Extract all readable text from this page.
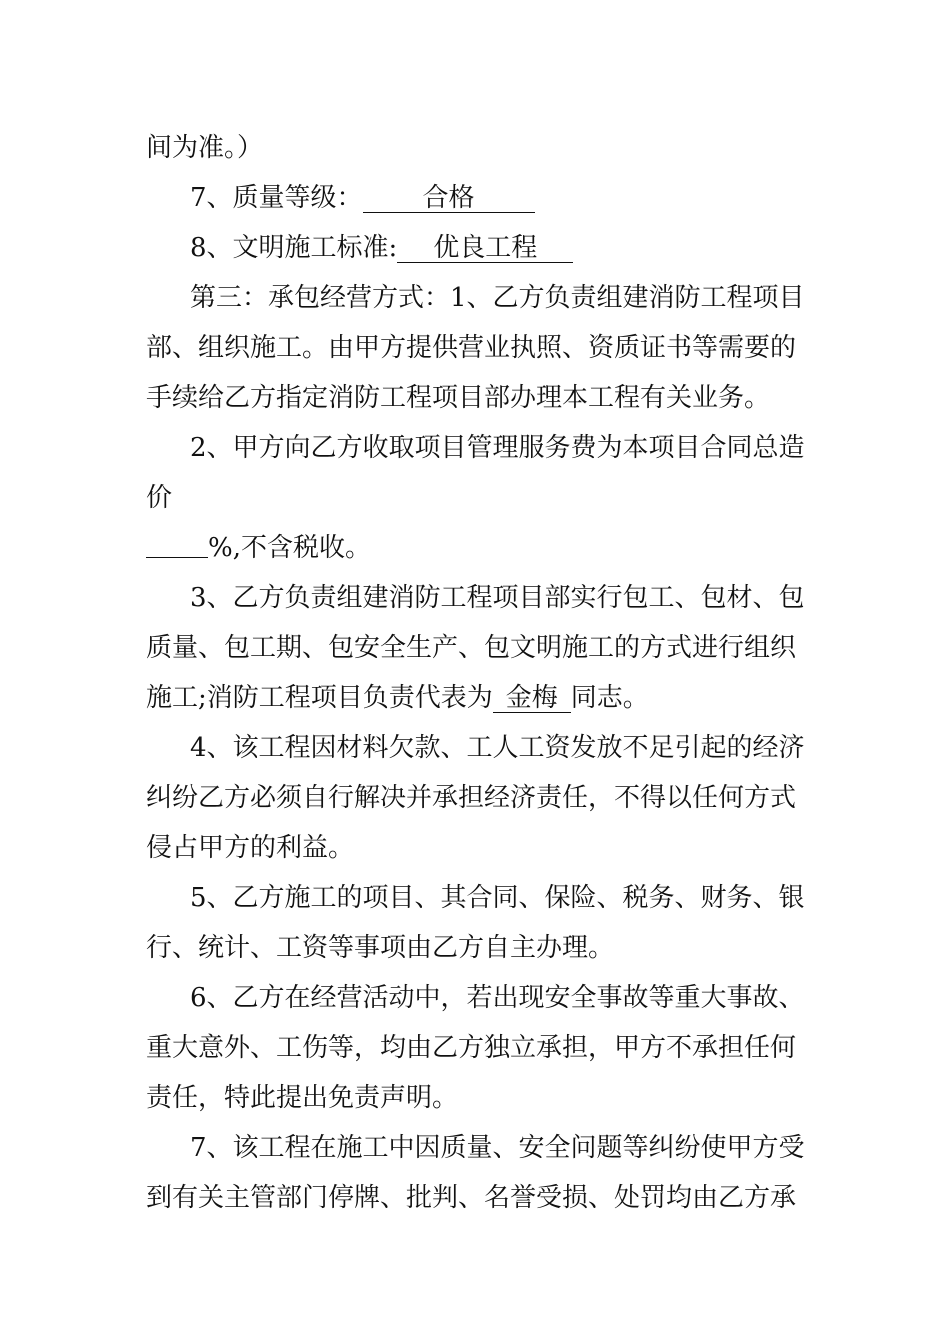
间为准。）
7、质量等级： 合格
8、文明施工标准: 优良工程
第三：承包经营方式：1、乙方负责组建消防工程项目
部、组织施工。由甲方提供营业执照、资质证书等需要的
手续给乙方指定消防工程项目部办理本工程有关业务。
2、甲方向乙方收取项目管理服务费为本项目合同总造
价
%,不含税收。
3、乙方负责组建消防工程项目部实行包工、包材、包
质量、包工期、包安全生产、包文明施工的方式进行组织
施工;消防工程项目负责代表为 金梅 同志。
4、该工程因材料欠款、工人工资发放不足引起的经济
纠纷乙方必须自行解决并承担经济责任，不得以任何方式
侵占甲方的利益。
5、乙方施工的项目、其合同、保险、税务、财务、银
行、统计、工资等事项由乙方自主办理。
6、乙方在经营活动中，若出现安全事故等重大事故、
重大意外、工伤等，均由乙方独立承担，甲方不承担任何
责任，特此提出免责声明。
7、该工程在施工中因质量、安全问题等纠纷使甲方受
到有关主管部门停牌、批判、名誉受损、处罚均由乙方承
